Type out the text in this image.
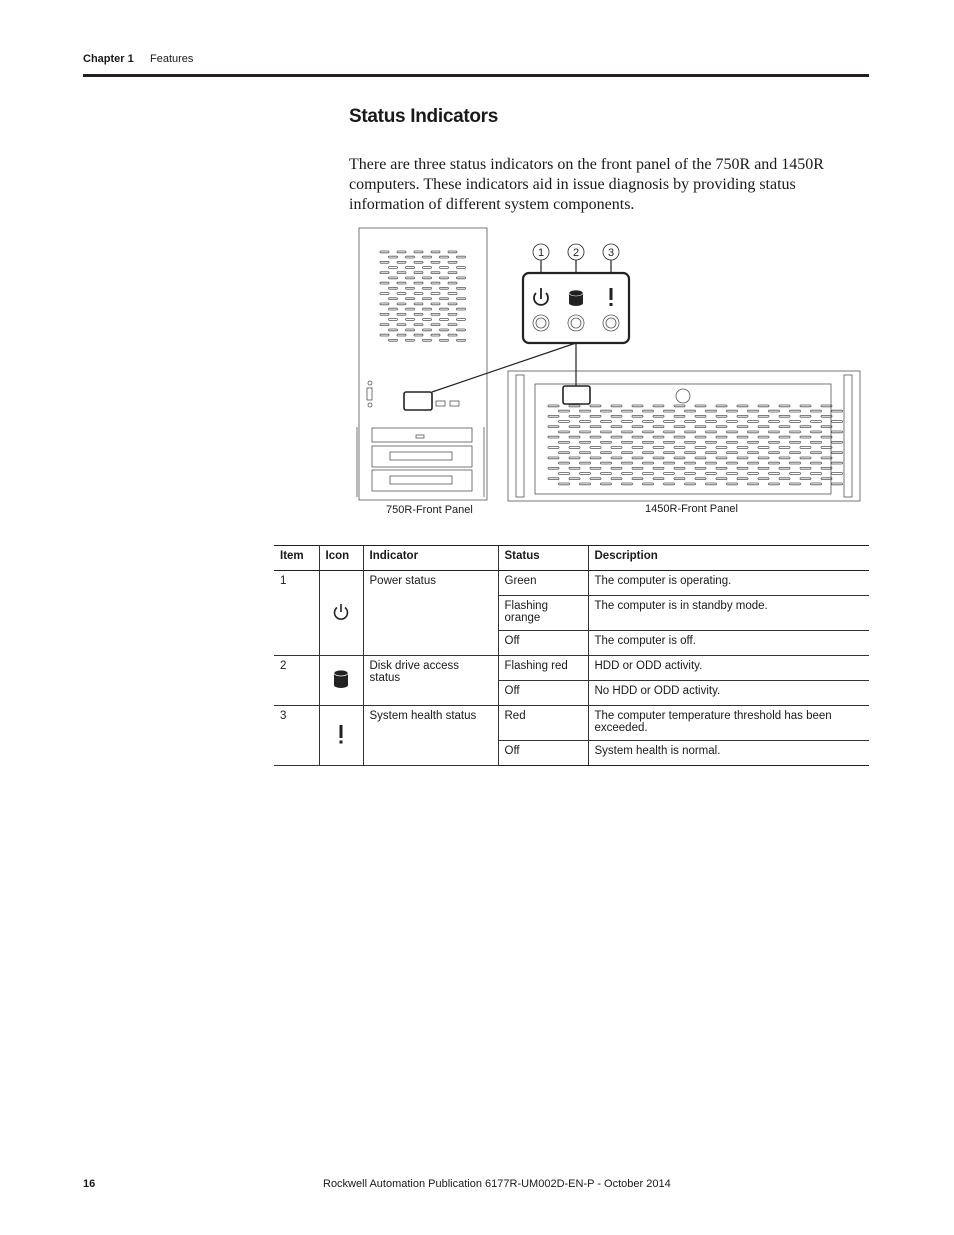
Chapter 1 Features
Status Indicators

There are three status indicators on the front panel of the 750R and 1450R computers. These indicators aid in issue diagnosis by providing status information of different system components.

1	2	3
750R-Front Panel	1450R-Front Panel
Item	Icon	Indicator	Status	Description
1		Power status	Green	The computer is operating.
			Flashing orange	The computer is in standby mode.
			Off	The computer is off.
2		Disk drive access status	Flashing red	HDD or ODD activity.
			Off	No HDD or ODD activity.
3		System health status	Red	The computer temperature threshold has been exceeded.
			Off	System health is normal.
16	Rockwell Automation Publication 6177R-UM002D-EN-P - October 2014
